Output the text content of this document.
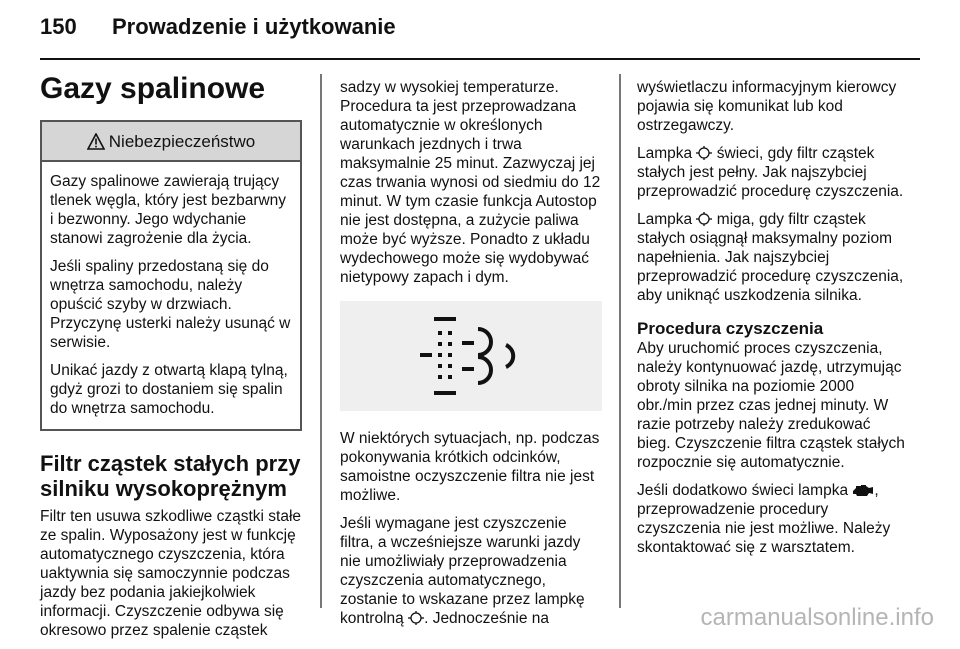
150 Prowadzenie i użytkowanie
Gazy spalinowe
Niebezpieczeństwo

Gazy spalinowe zawierają trujący tlenek węgla, który jest bezbarwny i bezwonny. Jego wdychanie stanowi zagrożenie dla życia.

Jeśli spaliny przedostaną się do wnętrza samochodu, należy opuścić szyby w drzwiach. Przyczynę usterki należy usunąć w serwisie.

Unikać jazdy z otwartą klapą tylną, gdyż grozi to dostaniem się spalin do wnętrza samochodu.

Filtr cząstek stałych przy silniku wysokoprężnym

Filtr ten usuwa szkodliwe cząstki stałe ze spalin. Wyposażony jest w funkcję automatycznego czyszczenia, która uaktywnia się samoczynnie podczas jazdy bez podania jakiejkolwiek informacji. Czyszczenie odbywa się okresowo przez spalenie cząstek

sadzy w wysokiej temperaturze. Procedura ta jest przeprowadzana automatycznie w określonych warunkach jezdnych i trwa maksymalnie 25 minut. Zazwyczaj jej czas trwania wynosi od siedmiu do 12 minut. W tym czasie funkcja Autostop nie jest dostępna, a zużycie paliwa może być wyższe. Ponadto z układu wydechowego może się wydobywać nietypowy zapach i dym.

W niektórych sytuacjach, np. podczas pokonywania krótkich odcinków, samoistne oczyszczenie filtra nie jest możliwe.

Jeśli wymagane jest czyszczenie filtra, a wcześniejsze warunki jazdy nie umożliwiały przeprowadzenia czyszczenia automatycznego, zostanie to wskazane przez lampkę kontrolną . Jednocześnie na

wyświetlaczu informacyjnym kierowcy pojawia się komunikat lub kod ostrzegawczy.

Lampka świeci, gdy filtr cząstek stałych jest pełny. Jak najszybciej przeprowadzić procedurę czyszczenia.

Lampka miga, gdy filtr cząstek stałych osiągnął maksymalny poziom napełnienia. Jak najszybciej przeprowadzić procedurę czyszczenia, aby uniknąć uszkodzenia silnika.

Procedura czyszczenia

Aby uruchomić proces czyszczenia, należy kontynuować jazdę, utrzymując obroty silnika na poziomie 2000 obr./min przez czas jednej minuty. W razie potrzeby należy zredukować bieg. Czyszczenie filtra cząstek stałych rozpocznie się automatycznie.

Jeśli dodatkowo świeci lampka , przeprowadzenie procedury czyszczenia nie jest możliwe. Należy skontaktować się z warsztatem.

carmanualsonline.info
